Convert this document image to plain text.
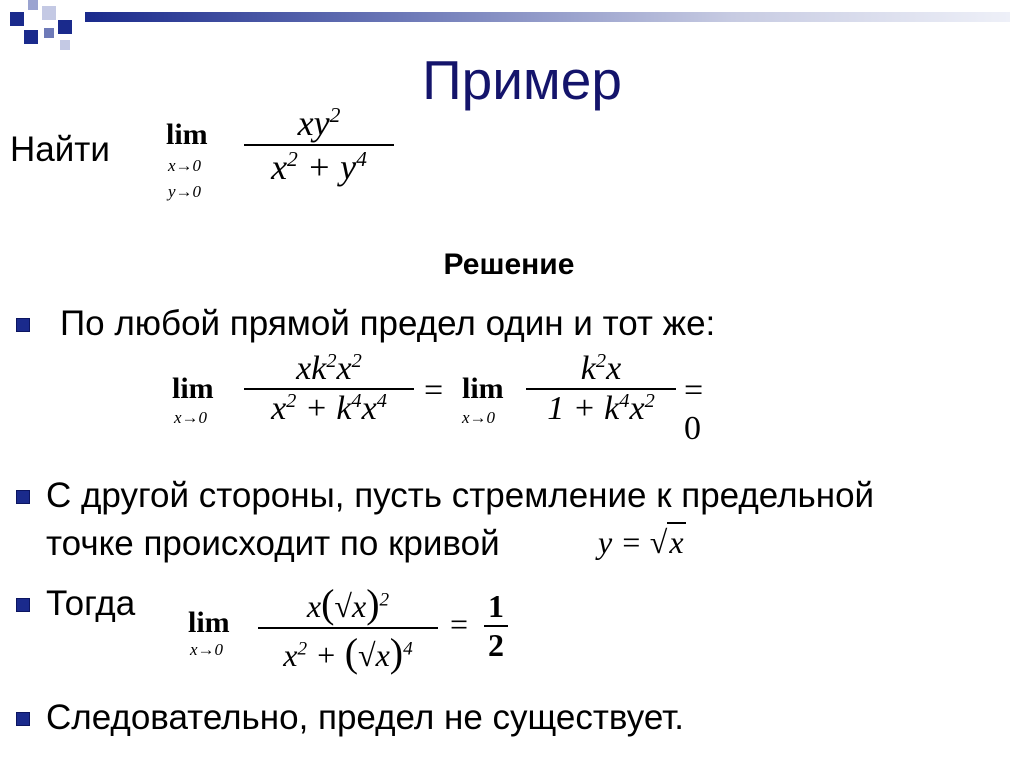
Пример
Найти lim
x→0
y→0
$xy^2$
$x^2 + y^4$
Решение
По любой прямой предел один и тот же:
lim
x→0
$xk^2x^2$
$x^2 + k^4x^4 = \lim$
x→0
$k^2x$
$1 + k^4x^2 = 0$
С другой стороны, пусть стремление к предельной
точке происходит по кривой	y = √x
Тогда lim
x→0
$x(√x)^2$
$x^2 + (√x)^4$
= 1
2
Следовательно, предел не существует.
